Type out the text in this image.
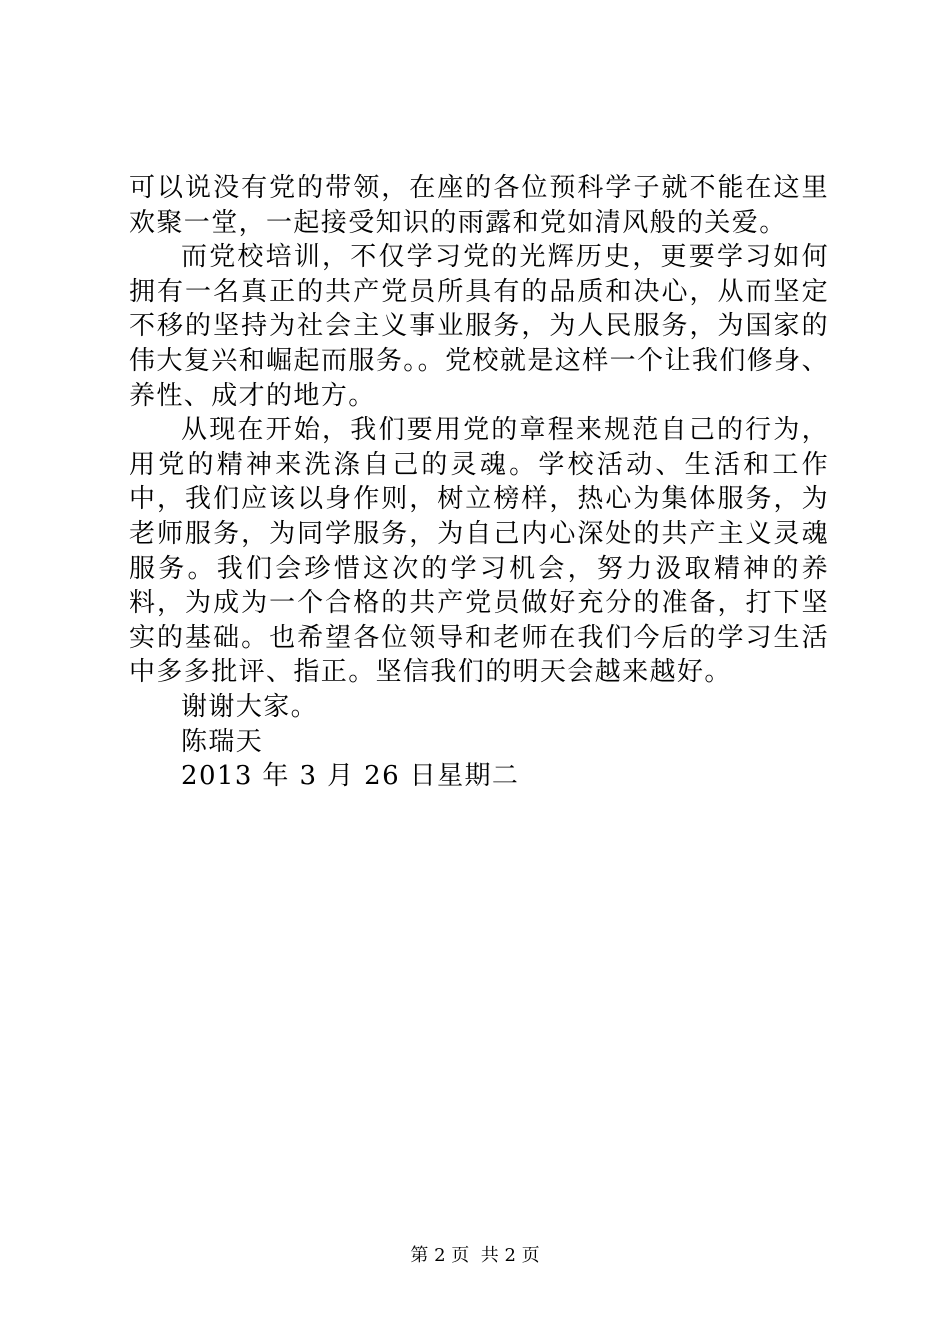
可以说没有党的带领，在座的各位预科学子就不能在这里欢聚一堂，一起接受知识的雨露和党如清风般的关爱。

而党校培训，不仅学习党的光辉历史，更要学习如何拥有一名真正的共产党员所具有的品质和决心，从而坚定不移的坚持为社会主义事业服务，为人民服务，为国家的伟大复兴和崛起而服务。。党校就是这样一个让我们修身、养性、成才的地方。

从现在开始，我们要用党的章程来规范自己的行为，用党的精神来洗涤自己的灵魂。学校活动、生活和工作中，我们应该以身作则，树立榜样，热心为集体服务，为老师服务，为同学服务，为自己内心深处的共产主义灵魂服务。我们会珍惜这次的学习机会，努力汲取精神的养料，为成为一个合格的共产党员做好充分的准备，打下坚实的基础。也希望各位领导和老师在我们今后的学习生活中多多批评、指正。坚信我们的明天会越来越好。

谢谢大家。

陈瑞天

2013 年 3 月 26 日星期二

第 2 页 共 2 页
